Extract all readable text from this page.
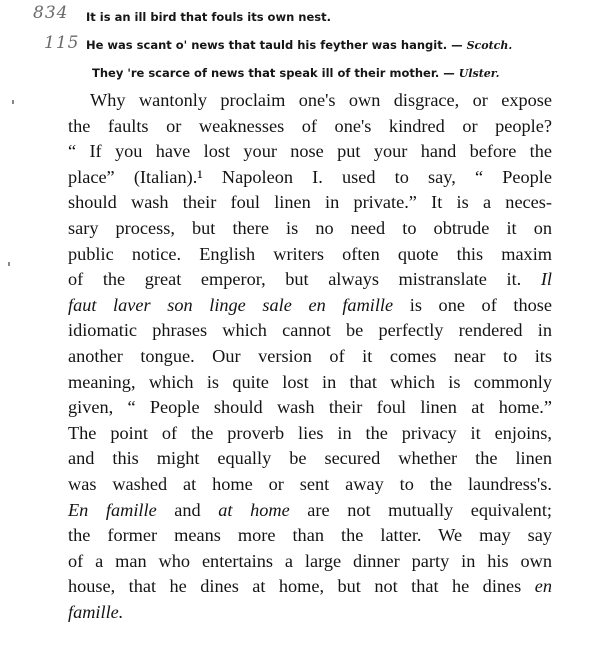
834
115
It is an ill bird that fouls its own nest.
He was scant o' news that tauld his feyther was hangit. — Scotch.
They 're scarce of news that speak ill of their mother. — Ulster.
Why wantonly proclaim one's own disgrace, or expose
the faults or weaknesses of one's kindred or people?
“ If you have lost your nose put your hand before the
place” (Italian).¹ Napoleon I. used to say, “ People
should wash their foul linen in private.” It is a neces-
sary process, but there is no need to obtrude it on
public notice. English writers often quote this maxim
of the great emperor, but always mistranslate it. Il
faut laver son linge sale en famille is one of those
idiomatic phrases which cannot be perfectly rendered in
another tongue. Our version of it comes near to its
meaning, which is quite lost in that which is commonly
given, “ People should wash their foul linen at home.”
The point of the proverb lies in the privacy it enjoins,
and this might equally be secured whether the linen
was washed at home or sent away to the laundress's.
En famille and at home are not mutually equivalent;
the former means more than the latter. We may say
of a man who entertains a large dinner party in his own
house, that he dines at home, but not that he dines en
famille.
